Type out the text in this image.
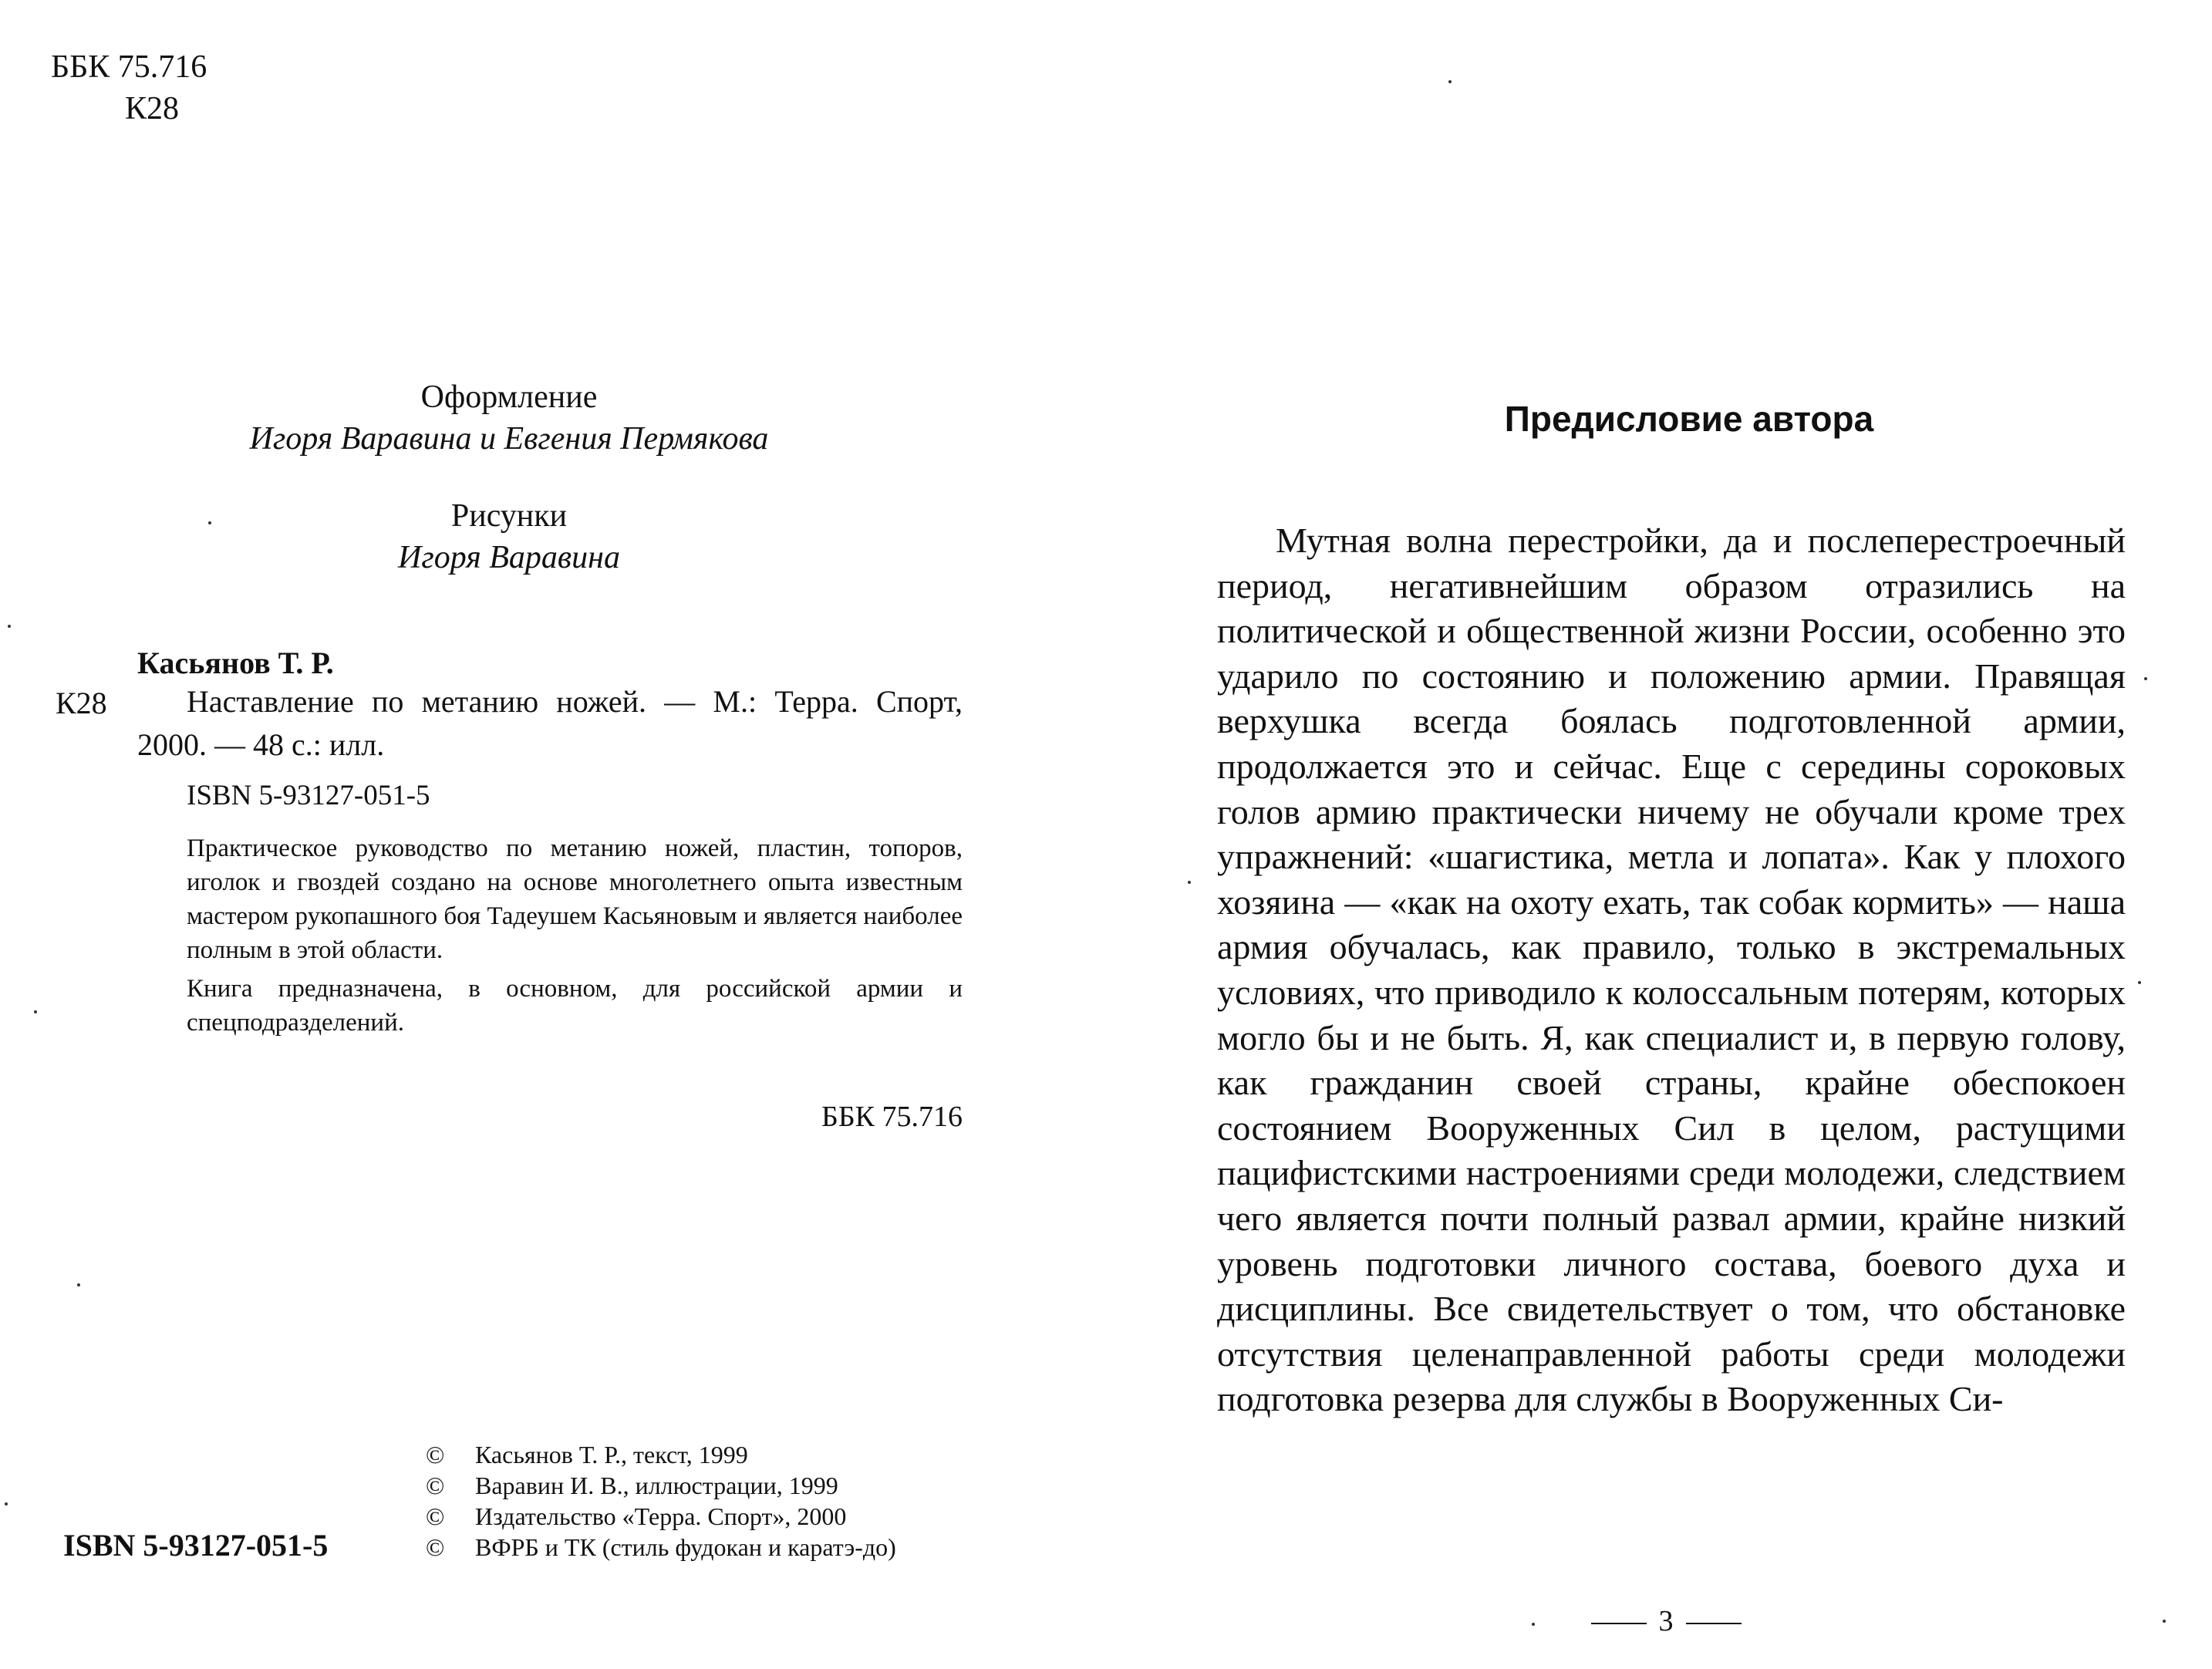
ББК 75.716
К28
Оформление
Игоря Варавина и Евгения Пермякова
Рисунки
Игоря Варавина
Касьянов Т. Р.
К28	Наставление по метанию ножей. — М.: Терра. Спорт, 2000. — 48 с.: илл.
ISBN 5-93127-051-5

Практическое руководство по метанию ножей, пластин, топоров, иголок и гвоздей создано на основе многолетнего опыта известным мастером рукопашного боя Тадеушем Касьяновым и является наиболее полным в этой области.

Книга предназначена, в основном, для российской армии и спецподразделений.

ББК 75.716
© Касьянов Т. Р., текст, 1999
© Варавин И. В., иллюстрации, 1999
© Издательство «Терра. Спорт», 2000
© ВФРБ и ТК (стиль фудокан и каратэ-до)
ISBN 5-93127-051-5
Предисловие автора
Мутная волна перестройки, да и послеперестроечный период, негативнейшим образом отразились на политической и общественной жизни России, особенно это ударило по состоянию и положению армии. Правящая верхушка всегда боялась подготовленной армии, продолжается это и сейчас. Еще с середины сороковых голов армию практически ничему не обучали кроме трех упражнений: «шагистика, метла и лопата». Как у плохого хозяина — «как на охоту ехать, так собак кормить» — наша армия обучалась, как правило, только в экстремальных условиях, что приводило к колоссальным потерям, которых могло бы и не быть. Я, как специалист и, в первую голову, как гражданин своей страны, крайне обеспокоен состоянием Вооруженных Сил в целом, растущими пацифистскими настроениями среди молодежи, следствием чего является почти полный развал армии, крайне низкий уровень подготовки личного состава, боевого духа и дисциплины. Все свидетельствует о том, что обстановке отсутствия целенаправленной работы среди молодежи подготовка резерва для службы в Вооруженных Си-
3
